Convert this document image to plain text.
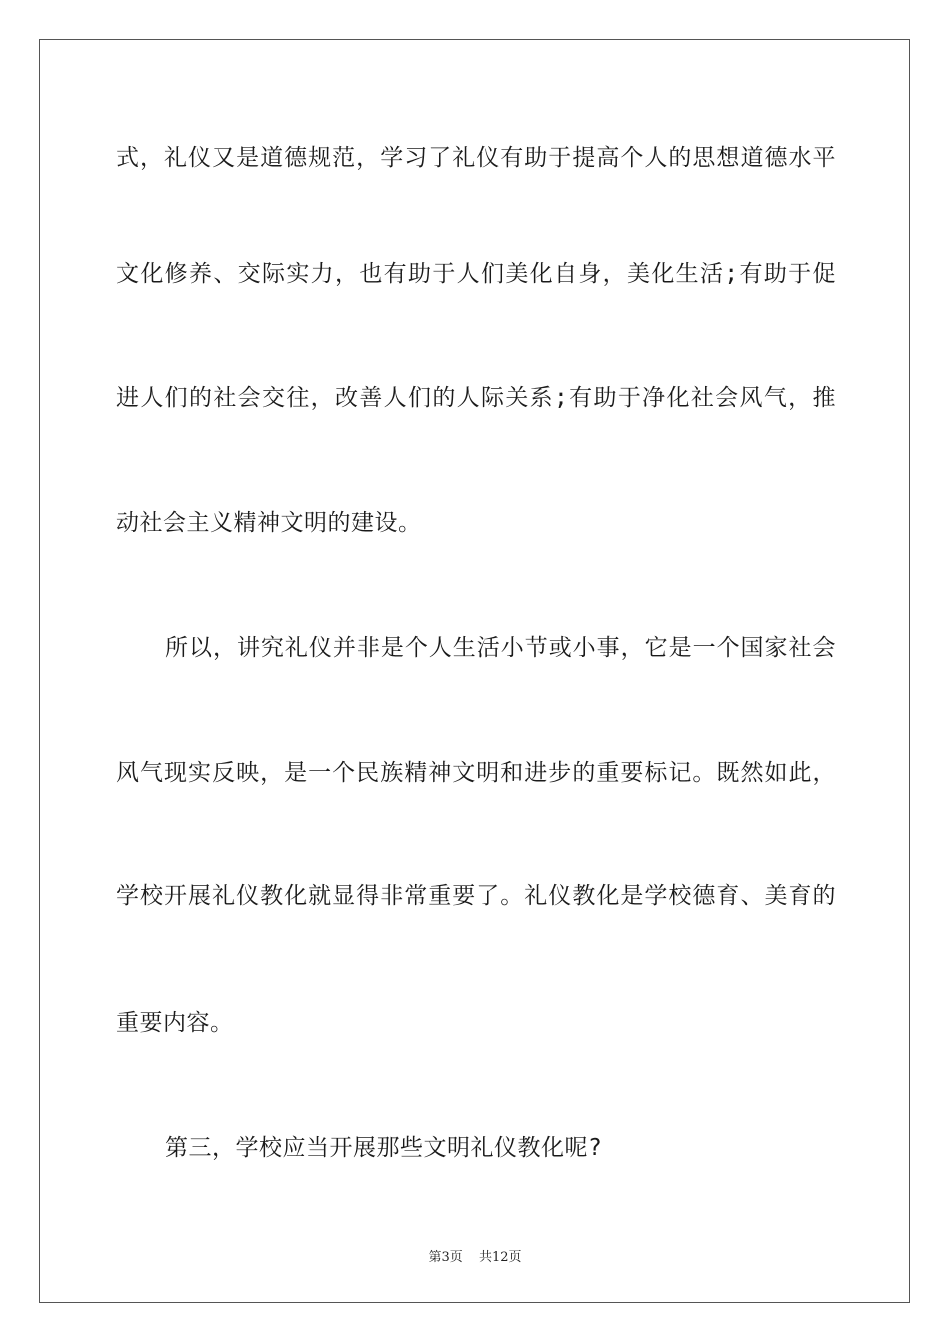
式，礼仪又是道德规范，学习了礼仪有助于提高个人的思想道德水平
文化修养、交际实力，也有助于人们美化自身，美化生活;有助于促
进人们的社会交往，改善人们的人际关系;有助于净化社会风气，推
动社会主义精神文明的建设。
所以，讲究礼仪并非是个人生活小节或小事，它是一个国家社会
风气现实反映，是一个民族精神文明和进步的重要标记。既然如此，
学校开展礼仪教化就显得非常重要了。礼仪教化是学校德育、美育的
重要内容。
第三，学校应当开展那些文明礼仪教化呢?
第3页 共12页
